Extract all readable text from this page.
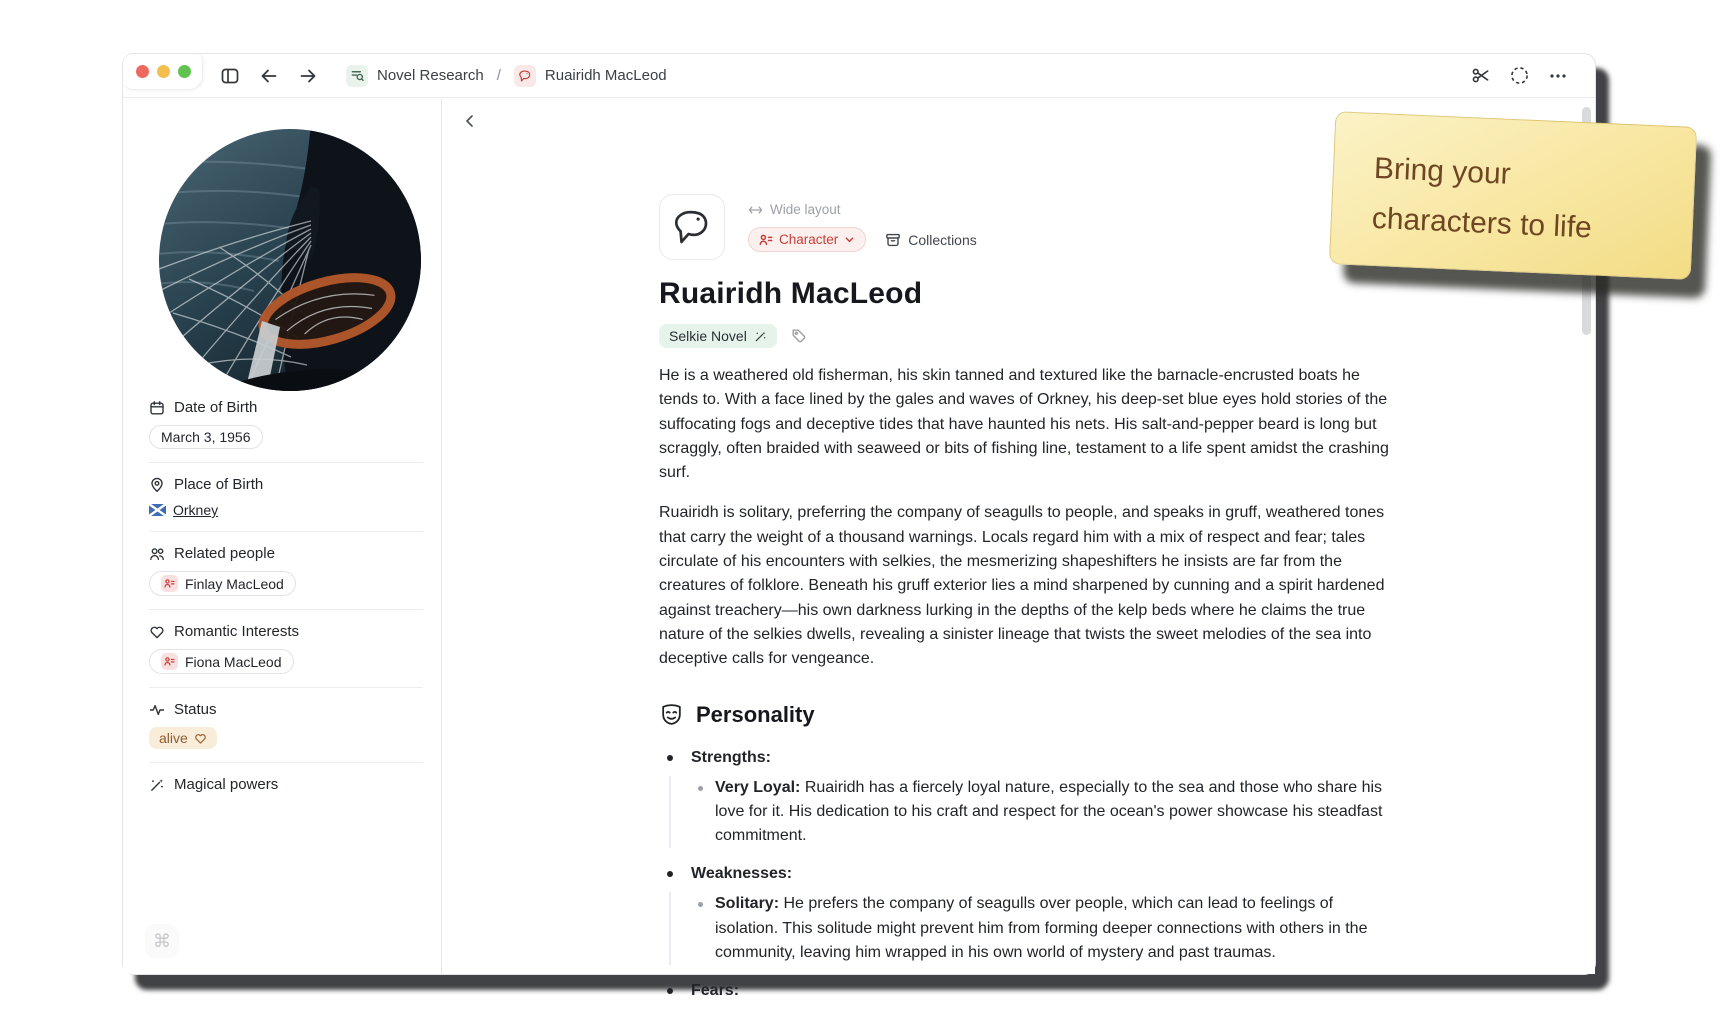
Novel Research /	Ruairidh MacLeod
Date of Birth
March 3, 1956
Place of Birth
Orkney
Related people
Finlay MacLeod
Romantic Interests
Fiona MacLeod
Status
alive
Magical powers
⌘
Wide layout
Character	Collections
Ruairidh MacLeod
Selkie Novel

He is a weathered old fisherman, his skin tanned and textured like the barnacle-encrusted boats he tends to. With a face lined by the gales and waves of Orkney, his deep-set blue eyes hold stories of the suffocating fogs and deceptive tides that have haunted his nets. His salt-and-pepper beard is long but scraggly, often braided with seaweed or bits of fishing line, testament to a life spent amidst the crashing surf.

Ruairidh is solitary, preferring the company of seagulls to people, and speaks in gruff, weathered tones that carry the weight of a thousand warnings. Locals regard him with a mix of respect and fear; tales circulate of his encounters with selkies, the mesmerizing shapeshifters he insists are far from the creatures of folklore. Beneath his gruff exterior lies a mind sharpened by cunning and a spirit hardened against treachery—his own darkness lurking in the depths of the kelp beds where he claims the true nature of the selkies dwells, revealing a sinister lineage that twists the sweet melodies of the sea into deceptive calls for vengeance.

Personality
Strengths:
Very Loyal: Ruairidh has a fiercely loyal nature, especially to the sea and those who share his love for it. His dedication to his craft and respect for the ocean's power showcase his steadfast commitment.
Weaknesses:
Solitary: He prefers the company of seagulls over people, which can lead to feelings of isolation. This solitude might prevent him from forming deeper connections with others in the community, leaving him wrapped in his own world of mystery and past traumas.
Fears:
Bring your characters to life
